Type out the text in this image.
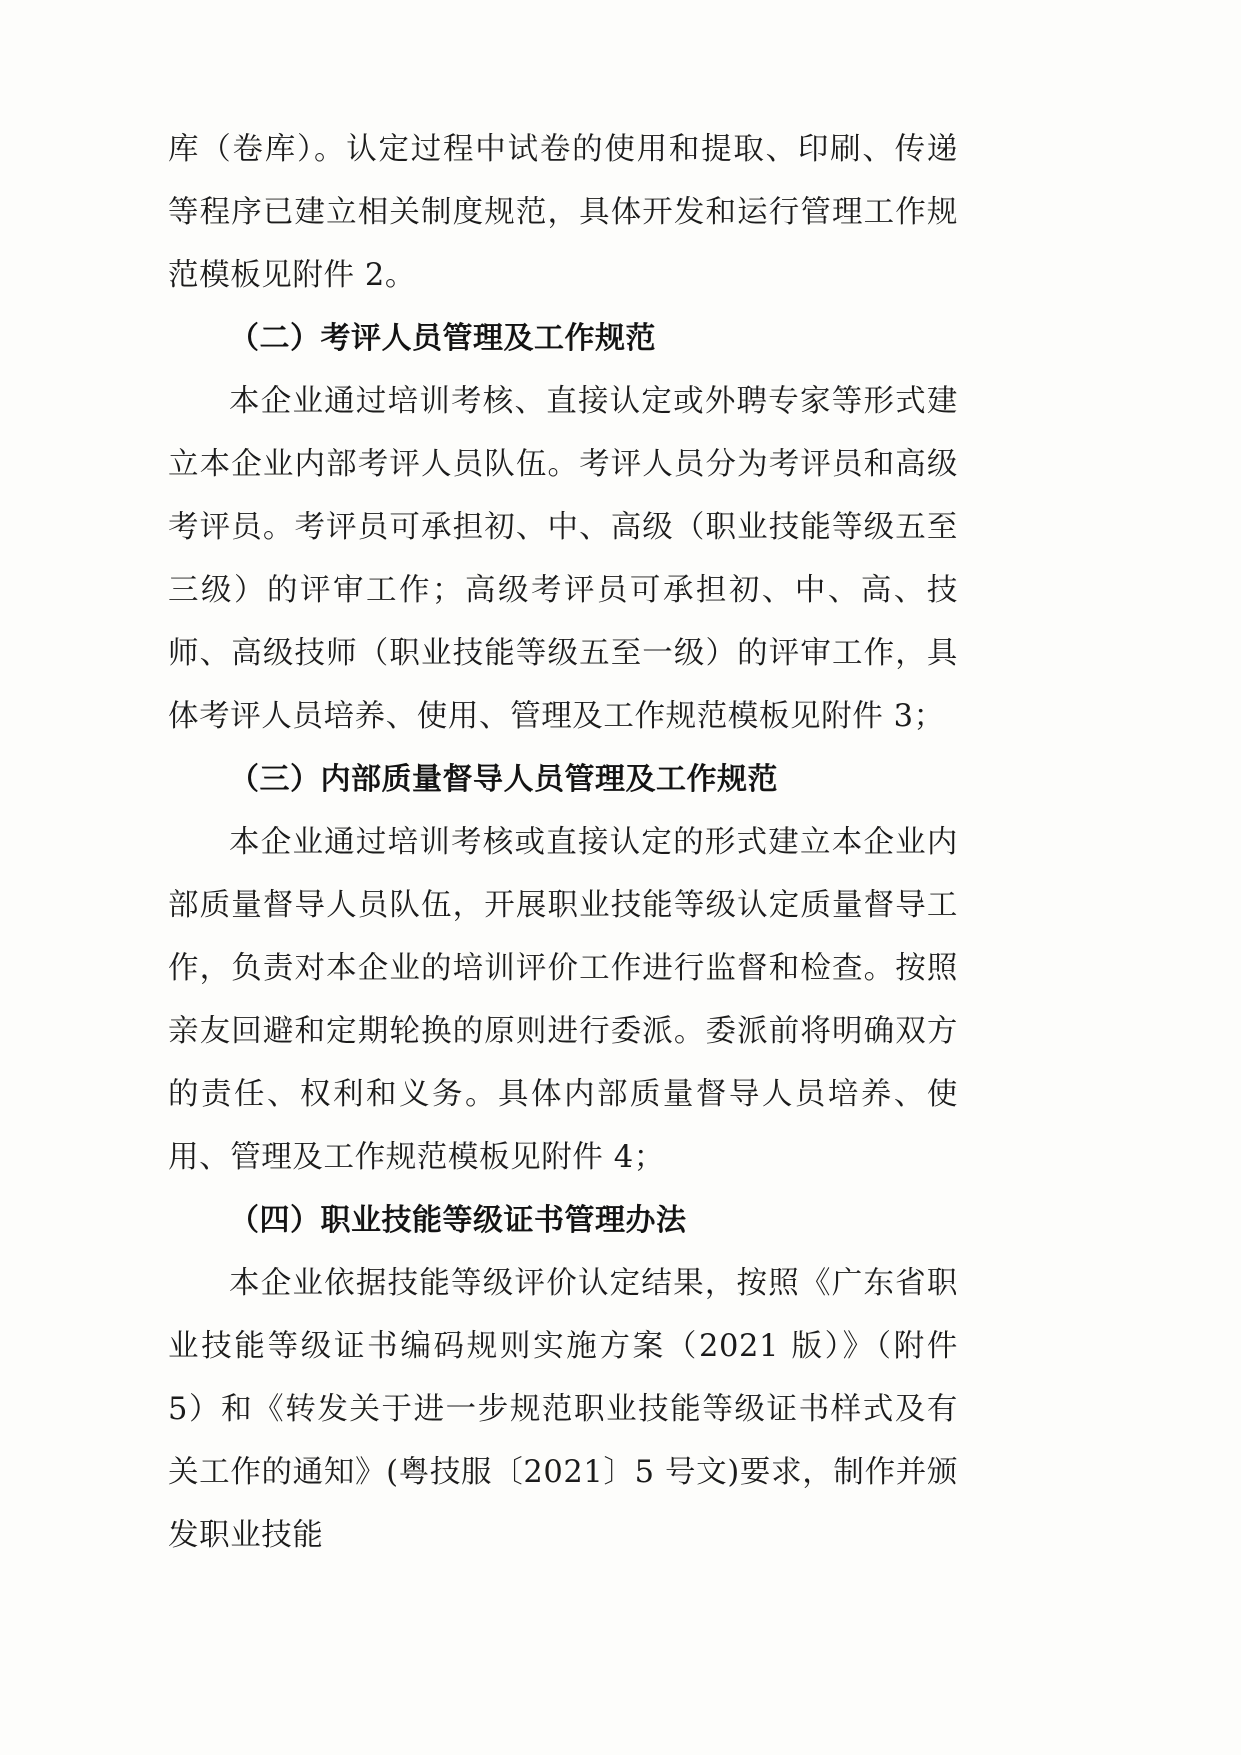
库（卷库）。认定过程中试卷的使用和提取、印刷、传递等程序已建立相关制度规范，具体开发和运行管理工作规范模板见附件 2。

（二）考评人员管理及工作规范

本企业通过培训考核、直接认定或外聘专家等形式建立本企业内部考评人员队伍。考评人员分为考评员和高级考评员。考评员可承担初、中、高级（职业技能等级五至三级）的评审工作；高级考评员可承担初、中、高、技师、高级技师（职业技能等级五至一级）的评审工作，具体考评人员培养、使用、管理及工作规范模板见附件 3；

（三）内部质量督导人员管理及工作规范

本企业通过培训考核或直接认定的形式建立本企业内部质量督导人员队伍，开展职业技能等级认定质量督导工作，负责对本企业的培训评价工作进行监督和检查。按照亲友回避和定期轮换的原则进行委派。委派前将明确双方的责任、权利和义务。具体内部质量督导人员培养、使用、管理及工作规范模板见附件 4；

（四）职业技能等级证书管理办法

本企业依据技能等级评价认定结果，按照《广东省职业技能等级证书编码规则实施方案（2021 版）》（附件 5）和《转发关于进一步规范职业技能等级证书样式及有关工作的通知》(粤技服〔2021〕5 号文)要求，制作并颁发职业技能
